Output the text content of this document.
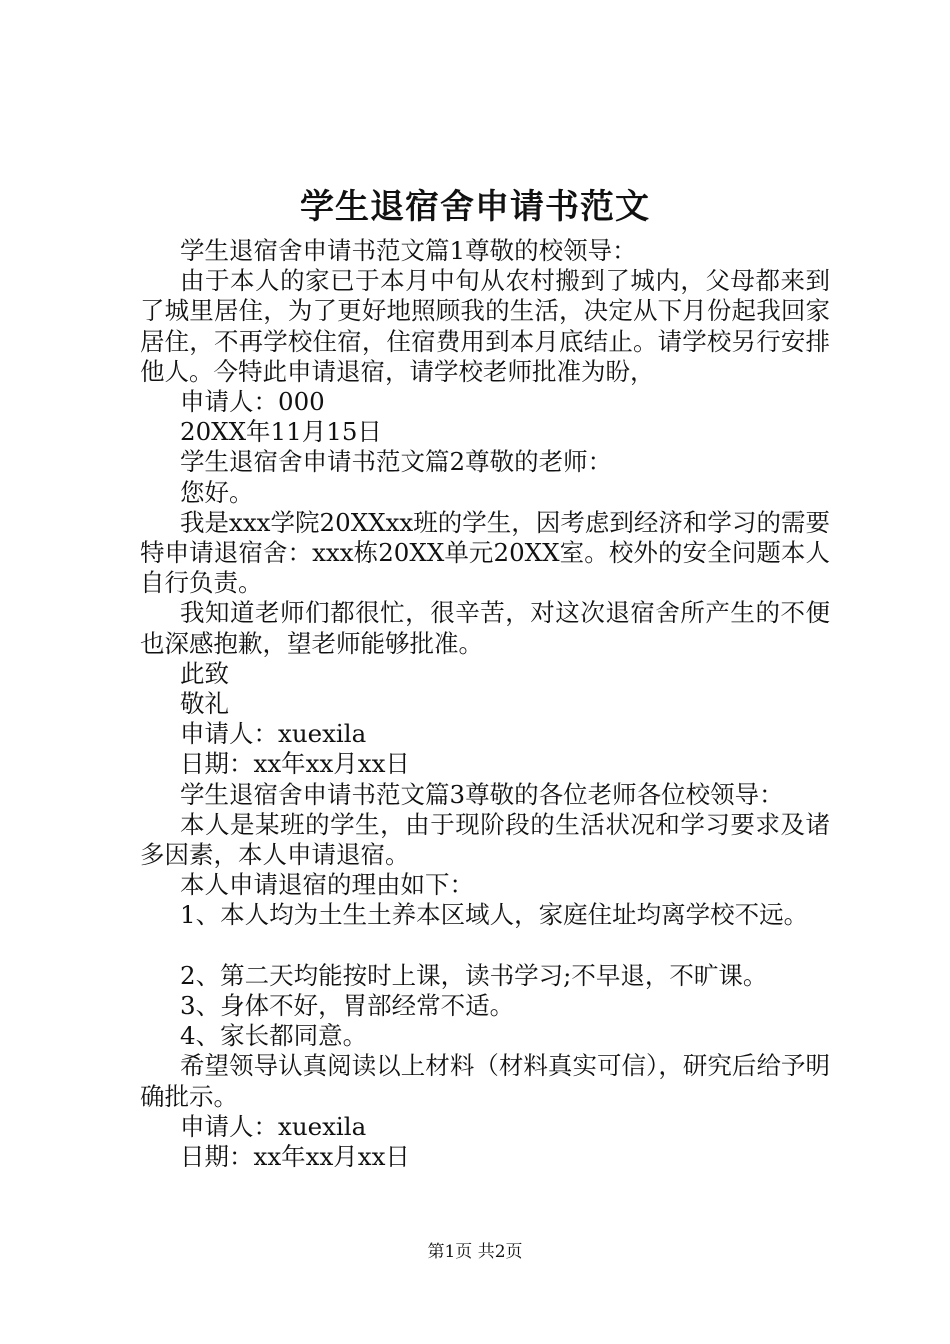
学生退宿舍申请书范文

学生退宿舍申请书范文篇1尊敬的校领导：

由于本人的家已于本月中旬从农村搬到了城内，父母都来到了城里居住，为了更好地照顾我的生活，决定从下月份起我回家居住，不再学校住宿，住宿费用到本月底结止。请学校另行安排他人。今特此申请退宿，请学校老师批准为盼，

申请人：000

20XX年11月15日

学生退宿舍申请书范文篇2尊敬的老师：

您好。

我是xxx学院20XXxx班的学生，因考虑到经济和学习的需要特申请退宿舍：xxx栋20XX单元20XX室。校外的安全问题本人自行负责。

我知道老师们都很忙，很辛苦，对这次退宿舍所产生的不便也深感抱歉，望老师能够批准。

此致

敬礼

申请人：xuexila

日期：xx年xx月xx日

学生退宿舍申请书范文篇3尊敬的各位老师各位校领导：

本人是某班的学生，由于现阶段的生活状况和学习要求及诸多因素，本人申请退宿。

本人申请退宿的理由如下：

1、本人均为土生土养本区域人，家庭住址均离学校不远。

2、第二天均能按时上课，读书学习;不早退，不旷课。

3、身体不好，胃部经常不适。

4、家长都同意。

希望领导认真阅读以上材料（材料真实可信），研究后给予明确批示。

申请人：xuexila

日期：xx年xx月xx日

第1页 共2页
